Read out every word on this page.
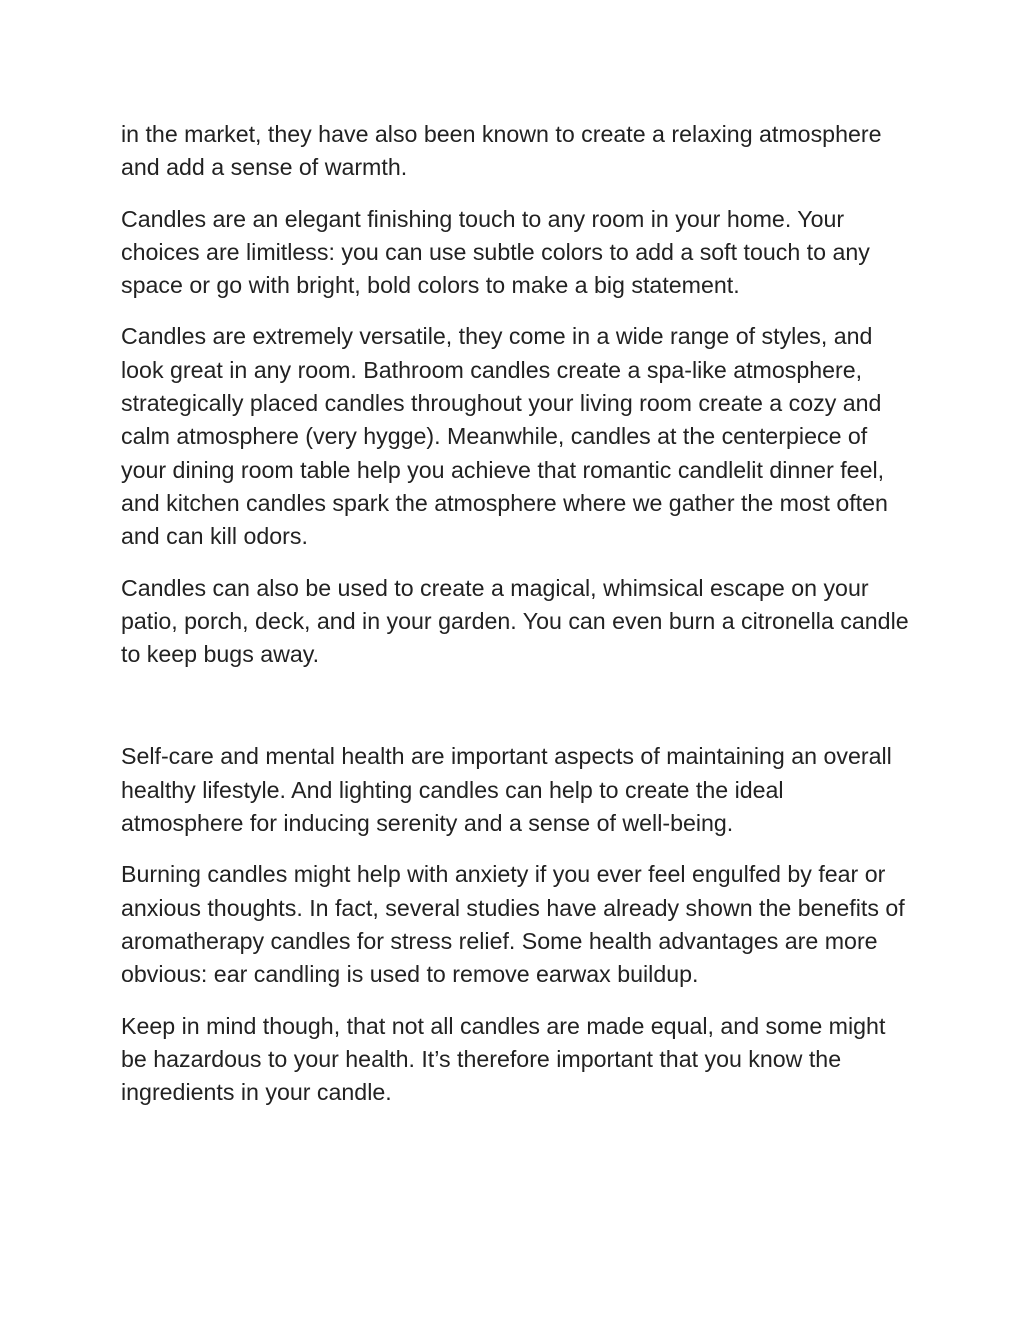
in the market, they have also been known to create a relaxing atmosphere and add a sense of warmth.

Candles are an elegant finishing touch to any room in your home. Your choices are limitless: you can use subtle colors to add a soft touch to any space or go with bright, bold colors to make a big statement.

Candles are extremely versatile, they come in a wide range of styles, and look great in any room. Bathroom candles create a spa-like atmosphere, strategically placed candles throughout your living room create a cozy and calm atmosphere (very hygge). Meanwhile, candles at the centerpiece of your dining room table help you achieve that romantic candlelit dinner feel, and kitchen candles spark the atmosphere where we gather the most often and can kill odors.

Candles can also be used to create a magical, whimsical escape on your patio, porch, deck, and in your garden. You can even burn a citronella candle to keep bugs away.

Self-care and mental health are important aspects of maintaining an overall healthy lifestyle. And lighting candles can help to create the ideal atmosphere for inducing serenity and a sense of well-being.

Burning candles might help with anxiety if you ever feel engulfed by fear or anxious thoughts. In fact, several studies have already shown the benefits of aromatherapy candles for stress relief. Some health advantages are more obvious: ear candling is used to remove earwax buildup.

Keep in mind though, that not all candles are made equal, and some might be hazardous to your health. It’s therefore important that you know the ingredients in your candle.
